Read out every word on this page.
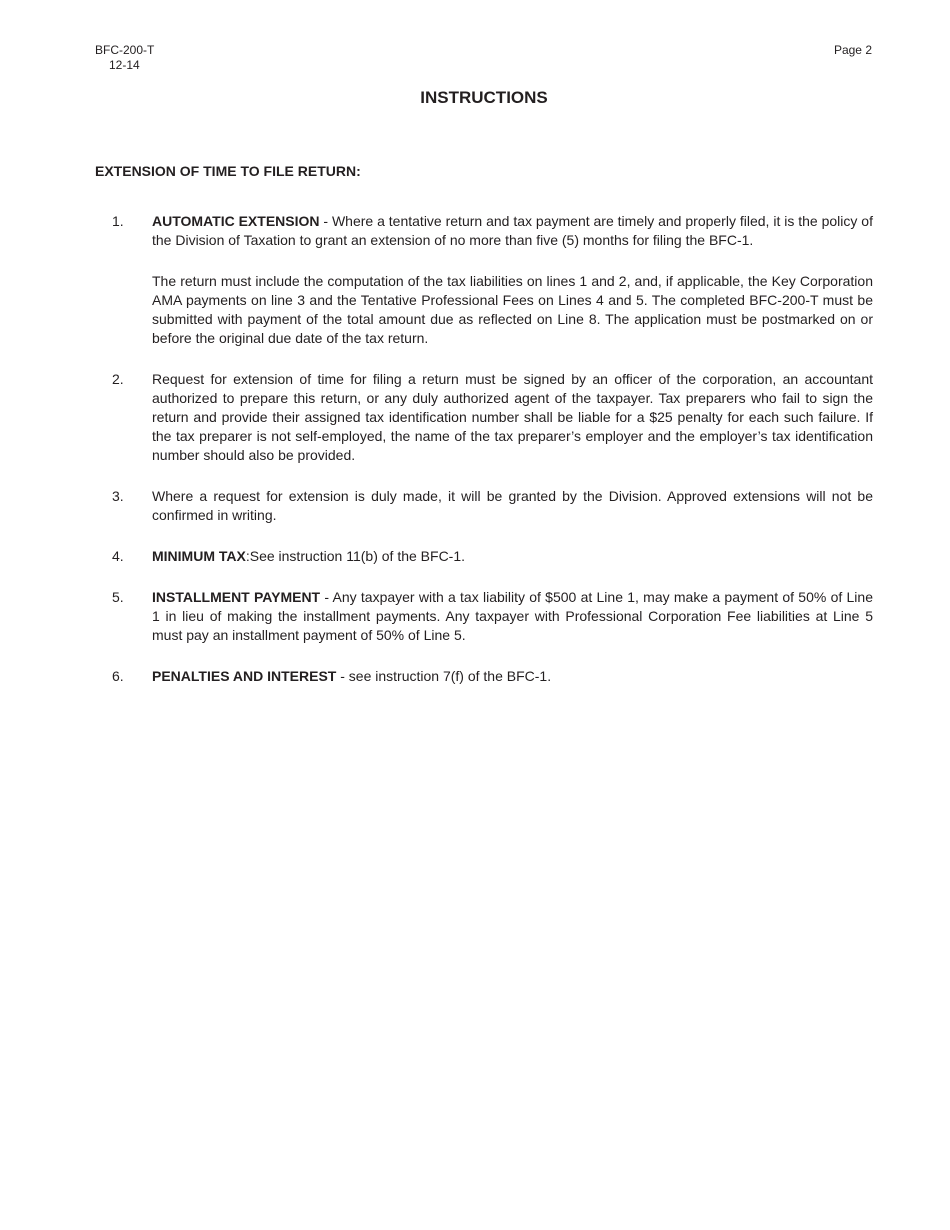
BFC-200-T
12-14
Page 2
INSTRUCTIONS
EXTENSION OF TIME TO FILE RETURN:
1. AUTOMATIC EXTENSION - Where a tentative return and tax payment are timely and properly filed, it is the policy of the Division of Taxation to grant an extension of no more than five (5) months for filing the BFC-1.

The return must include the computation of the tax liabilities on lines 1 and 2, and, if applicable, the Key Corporation AMA payments on line 3 and the Tentative Professional Fees on Lines 4 and 5. The completed BFC-200-T must be submitted with payment of the total amount due as reflected on Line 8. The application must be postmarked on or before the original due date of the tax return.

2. Request for extension of time for filing a return must be signed by an officer of the corporation, an accountant authorized to prepare this return, or any duly authorized agent of the taxpayer. Tax preparers who fail to sign the return and provide their assigned tax identification number shall be liable for a $25 penalty for each such failure. If the tax preparer is not self-employed, the name of the tax preparer’s employer and the employer’s tax identification number should also be provided.

3. Where a request for extension is duly made, it will be granted by the Division. Approved extensions will not be confirmed in writing.

4. MINIMUM TAX:See instruction 11(b) of the BFC-1.

5. INSTALLMENT PAYMENT - Any taxpayer with a tax liability of $500 at Line 1, may make a payment of 50% of Line 1 in lieu of making the installment payments. Any taxpayer with Professional Corporation Fee liabilities at Line 5 must pay an installment payment of 50% of Line 5.

6. PENALTIES AND INTEREST - see instruction 7(f) of the BFC-1.
